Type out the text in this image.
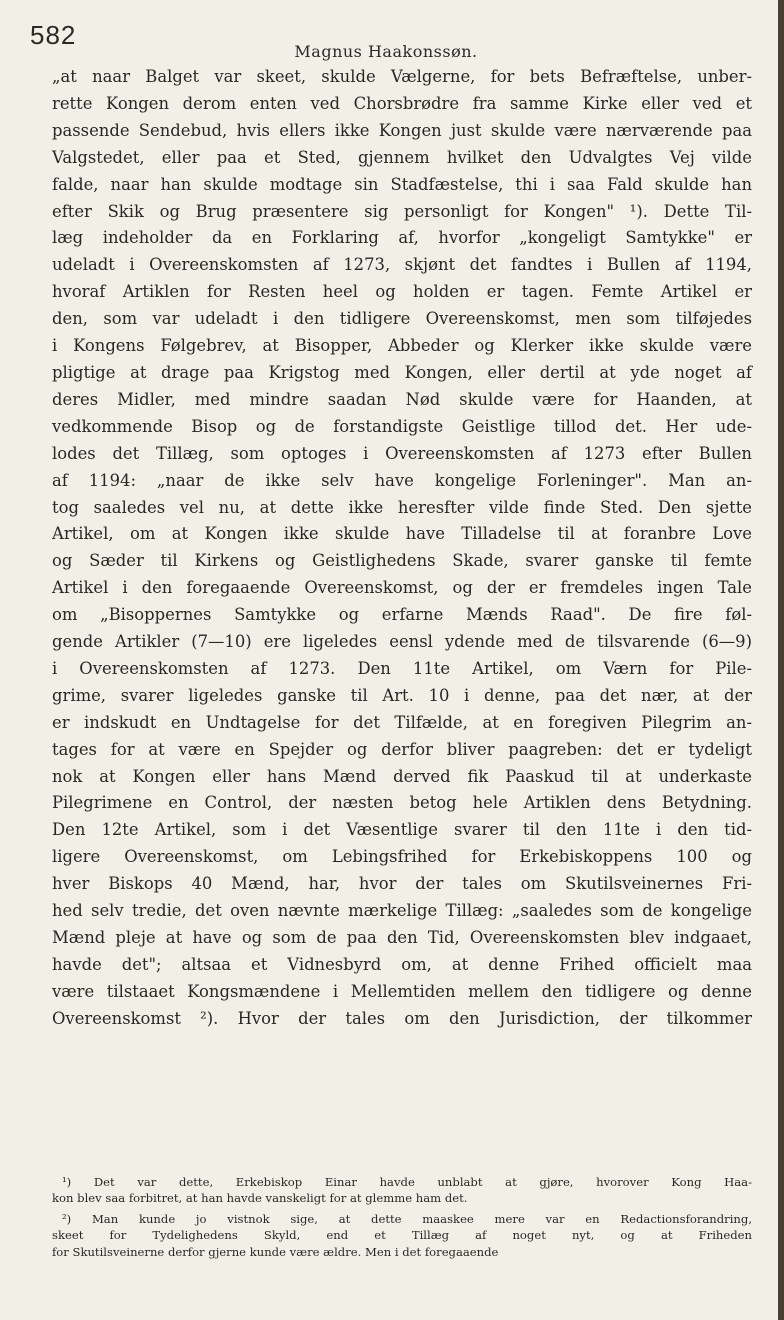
582
Magnus Haakonssøn.
„at naar Balget var skeet, skulde Vælgerne, for bets Befræftelse, unber-
rette Kongen derom enten ved Chorsbrødre fra samme Kirke eller ved et
passende Sendebud, hvis ellers ikke Kongen just skulde være nærværende paa
Valgstedet, eller paa et Sted, gjennem hvilket den Udvalgtes Vej vilde
falde, naar han skulde modtage sin Stadfæstelse, thi i saa Fald skulde han
efter Skik og Brug præsentere sig personligt for Kongen" ¹). Dette Til-
læg indeholder da en Forklaring af, hvorfor „kongeligt Samtykke" er
udeladt i Overeenskomsten af 1273, skjønt det fandtes i Bullen af 1194,
hvoraf Artiklen for Resten heel og holden er tagen. Femte Artikel er
den, som var udeladt i den tidligere Overeenskomst, men som tilføjedes
i Kongens Følgebrev, at Bisopper, Abbeder og Klerker ikke skulde være
pligtige at drage paa Krigstog med Kongen, eller dertil at yde noget af
deres Midler, med mindre saadan Nød skulde være for Haanden, at
vedkommende Bisop og de forstandigste Geistlige tillod det. Her ude-
lodes det Tillæg, som optoges i Overeenskomsten af 1273 efter Bullen
af 1194: „naar de ikke selv have kongelige Forleninger". Man an-
tog saaledes vel nu, at dette ikke heresfter vilde finde Sted. Den sjette
Artikel, om at Kongen ikke skulde have Tilladelse til at foranbre Love
og Sæder til Kirkens og Geistlighedens Skade, svarer ganske til femte
Artikel i den foregaaende Overeenskomst, og der er fremdeles ingen Tale
om „Bisoppernes Samtykke og erfarne Mænds Raad". De fire føl-
gende Artikler (7—10) ere ligeledes eensl ydende med de tilsvarende (6—9)
i Overeenskomsten af 1273. Den 11te Artikel, om Værn for Pile-
grime, svarer ligeledes ganske til Art. 10 i denne, paa det nær, at der
er indskudt en Undtagelse for det Tilfælde, at en foregiven Pilegrim an-
tages for at være en Spejder og derfor bliver paagreben: det er tydeligt
nok at Kongen eller hans Mænd derved fik Paaskud til at underkaste
Pilegrimene en Control, der næsten betog hele Artiklen dens Betydning.
Den 12te Artikel, som i det Væsentlige svarer til den 11te i den tid-
ligere Overeenskomst, om Lebingsfrihed for Erkebiskoppens 100 og
hver Biskops 40 Mænd, har, hvor der tales om Skutilsveinernes Fri-
hed selv tredie, det oven nævnte mærkelige Tillæg: „saaledes som de kongelige
Mænd pleje at have og som de paa den Tid, Overeenskomsten blev indgaaet,
havde det"; altsaa et Vidnesbyrd om, at denne Frihed officielt maa
være tilstaaet Kongsmændene i Mellemtiden mellem den tidligere og denne
Overeenskomst ²). Hvor der tales om den Jurisdiction, der tilkommer
¹) Det var dette, Erkebiskop Einar havde unblabt at gjøre, hvorover Kong Haa-
kon blev saa forbitret, at han havde vanskeligt for at glemme ham det.
²) Man kunde jo vistnok sige, at dette maaskee mere var en Redactionsforandring,
skeet for Tydelighedens Skyld, end et Tillæg af noget nyt, og at Friheden
for Skutilsveinerne derfor gjerne kunde være ældre. Men i det foregaaende
